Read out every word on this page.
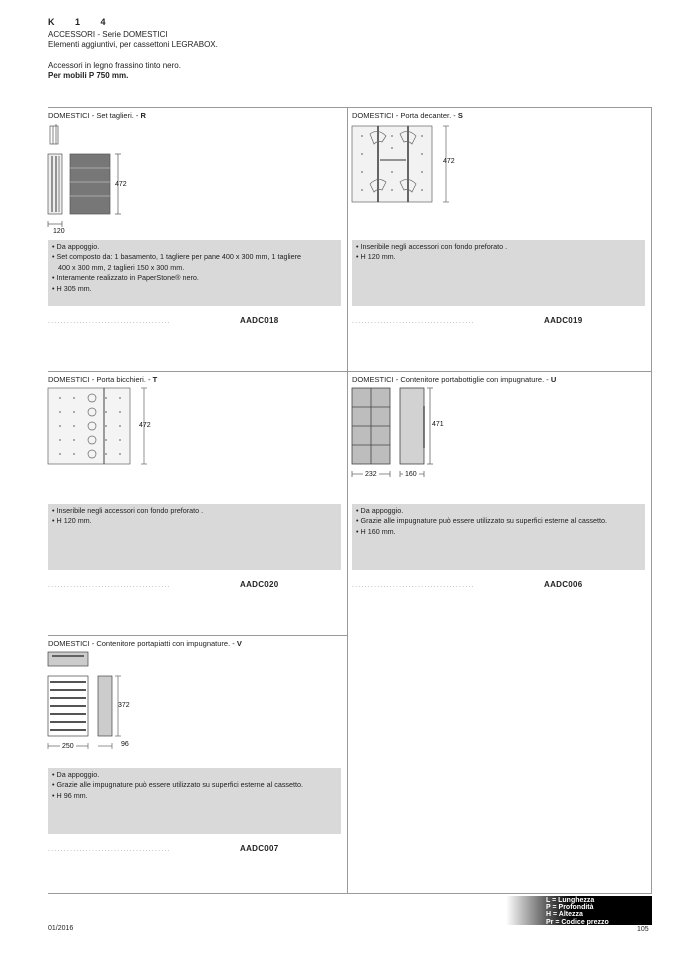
K 1 4
ACCESSORI - Serie DOMESTICI
Elementi aggiuntivi, per cassettoni LEGRABOX.
Accessori in legno frassino tinto nero.
Per mobili P 750 mm.
DOMESTICI - Set taglieri. - R
472
120
• Da appoggio.
• Set composto da: 1 basamento, 1 tagliere per pane 400 x 300 mm, 1 tagliere
400 x 300 mm, 2 taglieri 150 x 300 mm.
• Interamente realizzato in PaperStone® nero.
• H 305 mm.
.......................................	AADC018
DOMESTICI - Porta decanter. - S
472
• Inseribile negli accessori con fondo preforato .
• H 120 mm.
.......................................	AADC019
DOMESTICI - Porta bicchieri. - T
472
• Inseribile negli accessori con fondo preforato .
• H 120 mm.
.......................................	AADC020
DOMESTICI - Contenitore portabottiglie con impugnature. - U
471
232	160
• Da appoggio.
• Grazie alle impugnature può essere utilizzato su superfici esterne al cassetto.
• H 160 mm.
.......................................	AADC006
DOMESTICI - Contenitore portapiatti con impugnature. - V
372
250	96
• Da appoggio.
• Grazie alle impugnature può essere utilizzato su superfici esterne al cassetto.
• H 96 mm.
.......................................	AADC007
L = Lunghezza
P = Profondità
H = Altezza
Pr = Codice prezzo
01/2016	105
